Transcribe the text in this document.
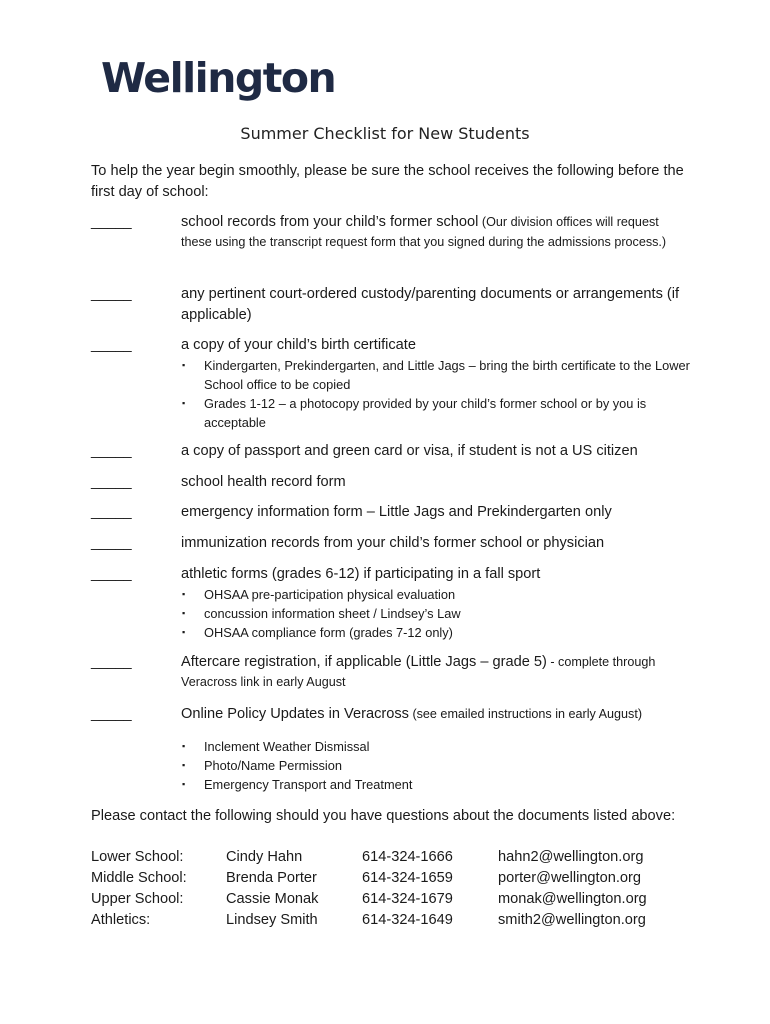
Wellington
Summer Checklist for New Students
To help the year begin smoothly, please be sure the school receives the following before the first day of school:
_____	school records from your child’s former school (Our division offices will request these using the transcript request form that you signed during the admissions process.)
_____	any pertinent court-ordered custody/parenting documents or arrangements (if applicable)
_____	a copy of your child’s birth certificate
▪ Kindergarten, Prekindergarten, and Little Jags – bring the birth certificate to the Lower School office to be copied
▪ Grades 1-12 – a photocopy provided by your child’s former school or by you is acceptable
_____	a copy of passport and green card or visa, if student is not a US citizen
_____	school health record form
_____	emergency information form – Little Jags and Prekindergarten only
_____	immunization records from your child’s former school or physician
_____	athletic forms (grades 6-12) if participating in a fall sport
▪ OHSAA pre-participation physical evaluation
▪ concussion information sheet / Lindsey’s Law
▪ OHSAA compliance form (grades 7-12 only)
_____	Aftercare registration, if applicable (Little Jags – grade 5) - complete through Veracross link in early August
_____	Online Policy Updates in Veracross (see emailed instructions in early August)
▪ Inclement Weather Dismissal
▪ Photo/Name Permission
▪ Emergency Transport and Treatment
Please contact the following should you have questions about the documents listed above:
Lower School:	Cindy Hahn	614-324-1666	hahn2@wellington.org
Middle School:	Brenda Porter	614-324-1659	porter@wellington.org
Upper School:	Cassie Monak	614-324-1679	monak@wellington.org
Athletics:	Lindsey Smith	614-324-1649	smith2@wellington.org
